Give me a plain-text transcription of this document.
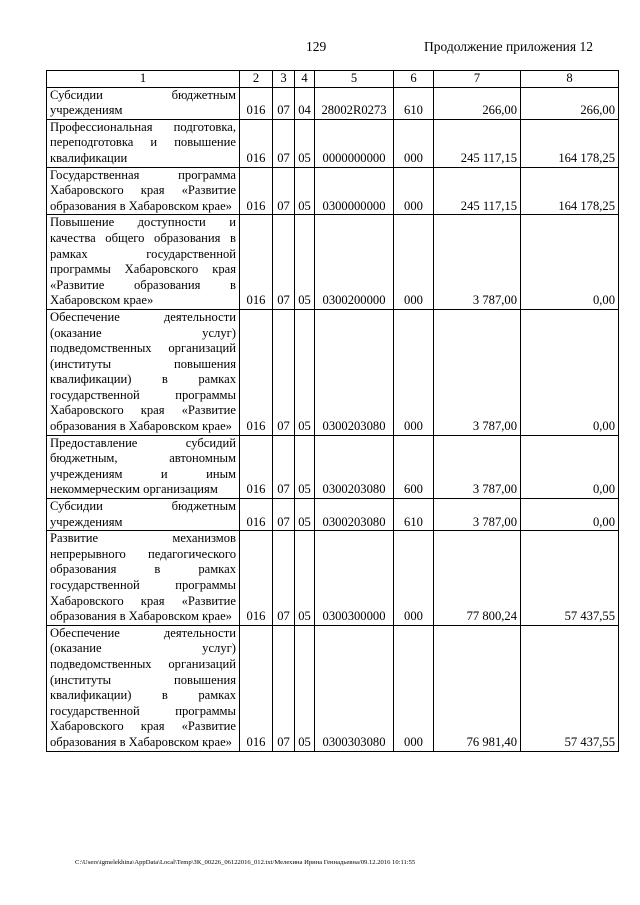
129	Продолжение приложения 12
1	2	3	4	5	6	7	8
Субсидии бюджетным учреждениям	016	07	04	28002R0273	610	266,00	266,00
Профессиональная подготовка, переподготовка и повышение квалификации	016	07	05	0000000000	000	245 117,15	164 178,25
Государственная программа Хабаровского края «Развитие образования в Хабаровском крае»	016	07	05	0300000000	000	245 117,15	164 178,25
Повышение доступности и качества общего образования в рамках государственной программы Хабаровского края «Развитие образования в Хабаровском крае»	016	07	05	0300200000	000	3 787,00	0,00
Обеспечение деятельности (оказание услуг) подведомственных организаций (институты повышения квалификации) в рамках государственной программы Хабаровского края «Развитие образования в Хабаровском крае»	016	07	05	0300203080	000	3 787,00	0,00
Предоставление субсидий бюджетным, автономным учреждениям и иным некоммерческим организациям	016	07	05	0300203080	600	3 787,00	0,00
Субсидии бюджетным учреждениям	016	07	05	0300203080	610	3 787,00	0,00
Развитие механизмов непрерывного педагогического образования в рамках государственной программы Хабаровского края «Развитие образования в Хабаровском крае»	016	07	05	0300300000	000	77 800,24	57 437,55
Обеспечение деятельности (оказание услуг) подведомственных организаций (институты повышения квалификации) в рамках государственной программы Хабаровского края «Развитие образования в Хабаровском крае»	016	07	05	0300303080	000	76 981,40	57 437,55
C:\Users\igmelekhina\AppData\Local\Temp\ЗК_00226_06122016_012.txt/Мелехина Ирина Геннадьевна/09.12.2016 10:11:55
